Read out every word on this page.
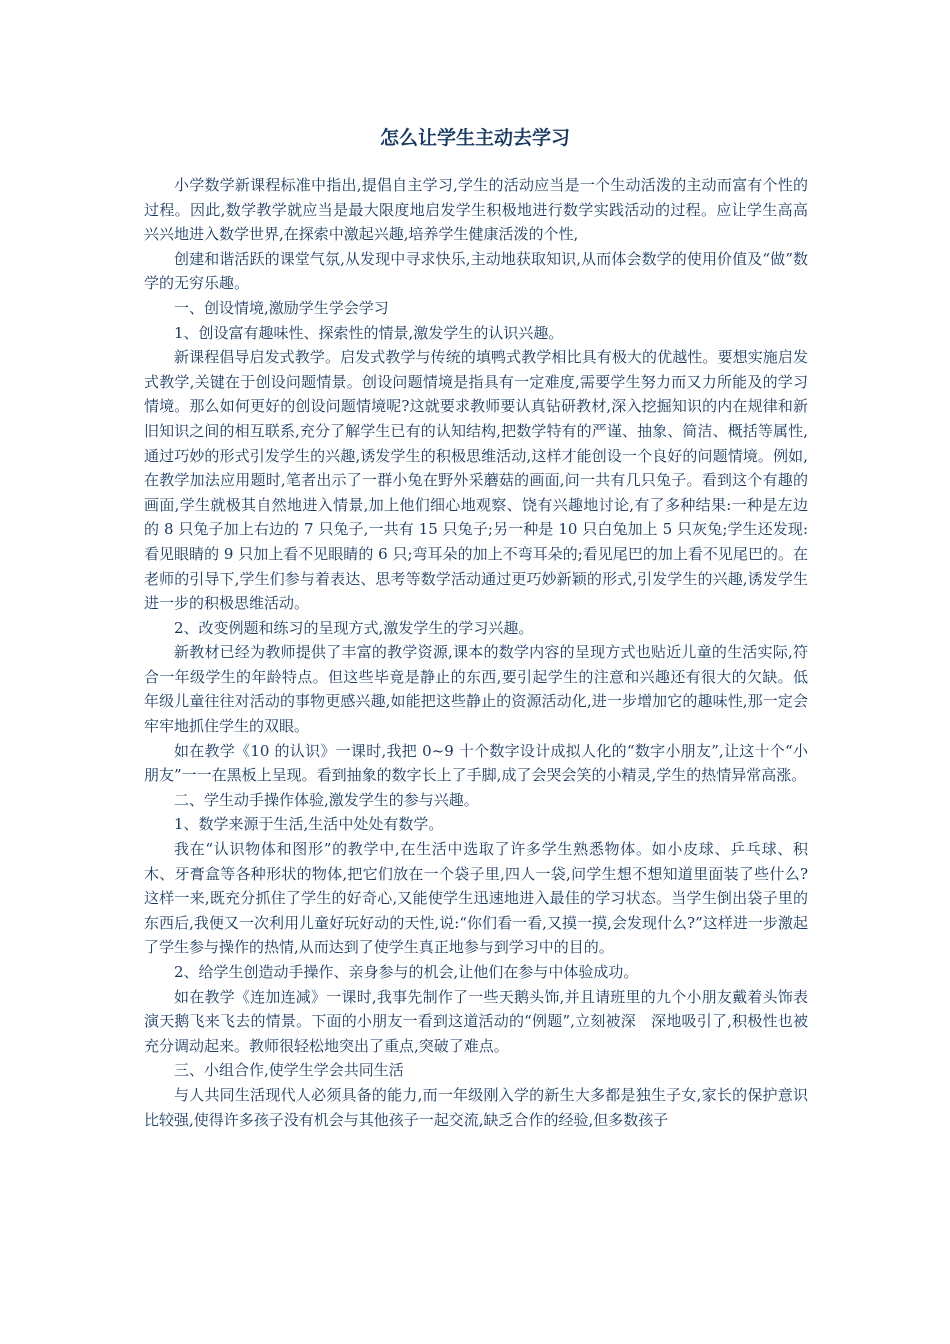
怎么让学生主动去学习

小学数学新课程标准中指出,提倡自主学习,学生的活动应当是一个生动活泼的主动而富有个性的过程。因此,数学教学就应当是最大限度地启发学生积极地进行数学实践活动的过程。应让学生高高兴兴地进入数学世界,在探索中激起兴趣,培养学生健康活泼的个性,

创建和谐活跃的课堂气氛,从发现中寻求快乐,主动地获取知识,从而体会数学的使用价值及“做”数学的无穷乐趣。

一、创设情境,激励学生学会学习

1、创设富有趣味性、探索性的情景,激发学生的认识兴趣。

新课程倡导启发式教学。启发式教学与传统的填鸭式教学相比具有极大的优越性。要想实施启发式教学,关键在于创设问题情景。创设问题情境是指具有一定难度,需要学生努力而又力所能及的学习情境。那么如何更好的创设问题情境呢?这就要求教师要认真钻研教材,深入挖掘知识的内在规律和新旧知识之间的相互联系,充分了解学生已有的认知结构,把数学特有的严谨、抽象、简洁、概括等属性,通过巧妙的形式引发学生的兴趣,诱发学生的积极思维活动,这样才能创设一个良好的问题情境。例如,在教学加法应用题时,笔者出示了一群小兔在野外采蘑菇的画面,问一共有几只兔子。看到这个有趣的画面,学生就极其自然地进入情景,加上他们细心地观察、饶有兴趣地讨论,有了多种结果:一种是左边的 8 只兔子加上右边的 7 只兔子,一共有 15 只兔子;另一种是 10 只白兔加上 5 只灰兔;学生还发现:看见眼睛的 9 只加上看不见眼睛的 6 只;弯耳朵的加上不弯耳朵的;看见尾巴的加上看不见尾巴的。在老师的引导下,学生们参与着表达、思考等数学活动通过更巧妙新颖的形式,引发学生的兴趣,诱发学生进一步的积极思维活动。

2、改变例题和练习的呈现方式,激发学生的学习兴趣。

新教材已经为教师提供了丰富的教学资源,课本的数学内容的呈现方式也贴近儿童的生活实际,符合一年级学生的年龄特点。但这些毕竟是静止的东西,要引起学生的注意和兴趣还有很大的欠缺。低年级儿童往往对活动的事物更感兴趣,如能把这些静止的资源活动化,进一步增加它的趣味性,那一定会牢牢地抓住学生的双眼。

如在教学《10 的认识》一课时,我把 0~9 十个数字设计成拟人化的“数字小朋友”,让这十个“小朋友”一一在黑板上呈现。看到抽象的数字长上了手脚,成了会哭会笑的小精灵,学生的热情异常高涨。

二、学生动手操作体验,激发学生的参与兴趣。

1、数学来源于生活,生活中处处有数学。

我在“认识物体和图形”的教学中,在生活中选取了许多学生熟悉物体。如小皮球、乒乓球、积木、牙膏盒等各种形状的物体,把它们放在一个袋子里,四人一袋,问学生想不想知道里面装了些什么?这样一来,既充分抓住了学生的好奇心,又能使学生迅速地进入最佳的学习状态。当学生倒出袋子里的东西后,我便又一次利用儿童好玩好动的天性,说:“你们看一看,又摸一摸,会发现什么?”这样进一步激起了学生参与操作的热情,从而达到了使学生真正地参与到学习中的目的。

2、给学生创造动手操作、亲身参与的机会,让他们在参与中体验成功。

如在教学《连加连减》一课时,我事先制作了一些天鹅头饰,并且请班里的九个小朋友戴着头饰表演天鹅飞来飞去的情景。下面的小朋友一看到这道活动的“例题”,立刻被深　深地吸引了,积极性也被充分调动起来。教师很轻松地突出了重点,突破了难点。

三、小组合作,使学生学会共同生活

与人共同生活现代人必须具备的能力,而一年级刚入学的新生大多都是独生子女,家长的保护意识比较强,使得许多孩子没有机会与其他孩子一起交流,缺乏合作的经验,但多数孩子
